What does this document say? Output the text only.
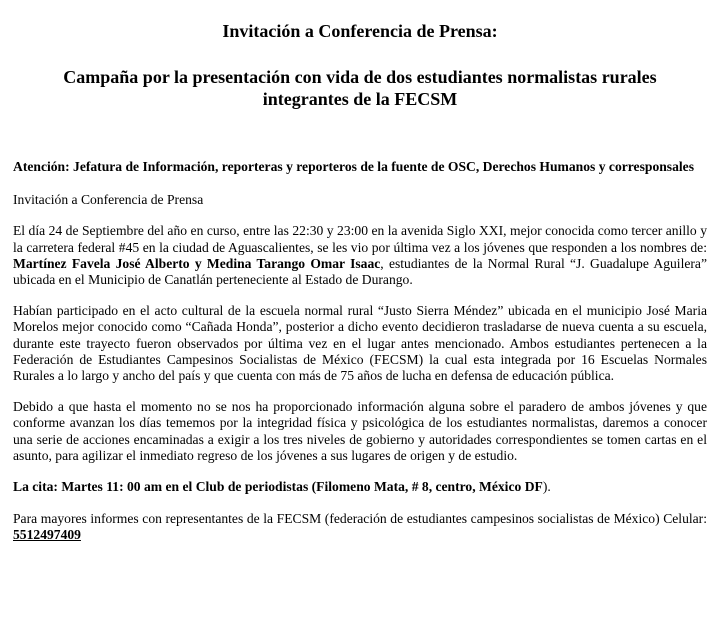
Invitación a Conferencia de Prensa:
Campaña por la presentación con vida de dos estudiantes normalistas rurales
integrantes de la FECSM

Atención: Jefatura de Información, reporteras y reporteros de la fuente de OSC, Derechos Humanos y corresponsales

Invitación a Conferencia de Prensa

El día 24 de Septiembre del año en curso, entre las 22:30 y 23:00 en la avenida Siglo XXI, mejor conocida como tercer anillo y la carretera federal #45 en la ciudad de Aguascalientes, se les vio por última vez a los jóvenes que responden a los nombres de: Martínez Favela José Alberto y Medina Tarango Omar Isaac, estudiantes de la Normal Rural “J. Guadalupe Aguilera” ubicada en el Municipio de Canatlán perteneciente al Estado de Durango.

Habían participado en el acto cultural de la escuela normal rural “Justo Sierra Méndez” ubicada en el municipio José Maria Morelos mejor conocido como “Cañada Honda”, posterior a dicho evento decidieron trasladarse de nueva cuenta a su escuela, durante este trayecto fueron observados por última vez en el lugar antes mencionado. Ambos estudiantes pertenecen a la Federación de Estudiantes Campesinos Socialistas de México (FECSM) la cual esta integrada por 16 Escuelas Normales Rurales a lo largo y ancho del país y que cuenta con más de 75 años de lucha en defensa de educación pública.

Debido a que hasta el momento no se nos ha proporcionado información alguna sobre el paradero de ambos jóvenes y que conforme avanzan los días tememos por la integridad física y psicológica de los estudiantes normalistas, daremos a conocer una serie de acciones encaminadas a exigir a los tres niveles de gobierno y autoridades correspondientes se tomen cartas en el asunto, para agilizar el inmediato regreso de los jóvenes a sus lugares de origen y de estudio.

La cita: Martes 11: 00 am en el Club de periodistas (Filomeno Mata, # 8, centro, México DF).

Para mayores informes con representantes de la FECSM (federación de estudiantes campesinos socialistas de México) Celular: 5512497409
